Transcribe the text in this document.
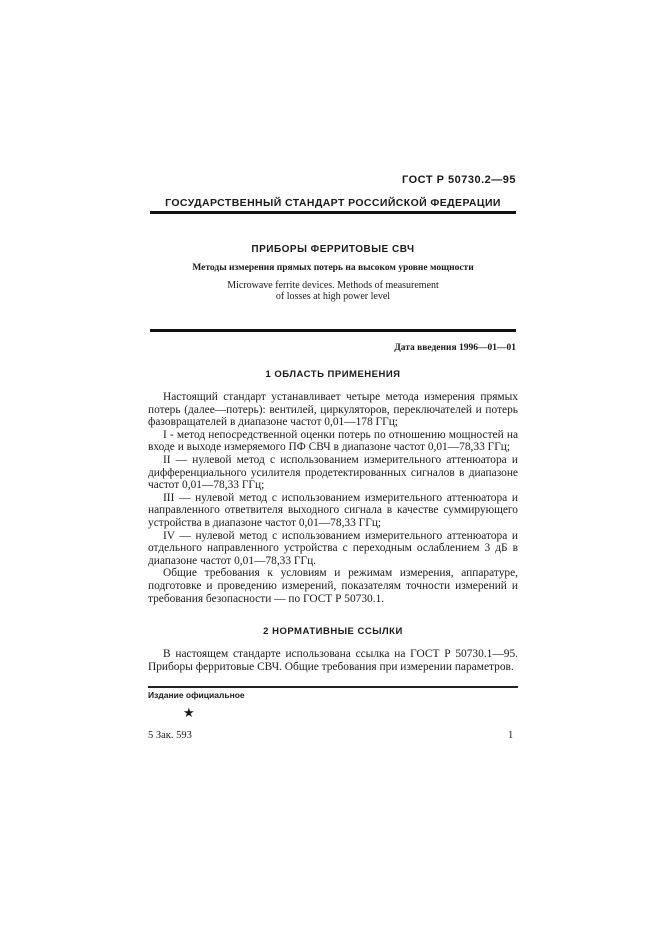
ГОСТ Р 50730.2—95
ГОСУДАРСТВЕННЫЙ СТАНДАРТ РОССИЙСКОЙ ФЕДЕРАЦИИ
ПРИБОРЫ ФЕРРИТОВЫЕ СВЧ
Методы измерения прямых потерь на высоком уровне мощности
Microwave ferrite devices. Methods of measurement
of losses at high power level
Дата введения 1996—01—01
1 ОБЛАСТЬ ПРИМЕНЕНИЯ

Настоящий стандарт устанавливает четыре метода измерения прямых потерь (далее—потерь): вентилей, циркуляторов, переключателей и потерь фазовращателей в диапазоне частот 0,01—178 ГГц;

I - метод непосредственной оценки потерь по отношению мощностей на входе и выходе измеряемого ПФ СВЧ в диапазоне частот 0,01—78,33 ГГц;

II — нулевой метод с использованием измерительного аттенюатора и дифференциального усилителя продетектированных сигналов в диапазоне частот 0,01—78,33 ГГц;

III — нулевой метод с использованием измерительного аттенюатора и направленного ответвителя выходного сигнала в качестве суммирующего устройства в диапазоне частот 0,01—78,33 ГГц;

IV — нулевой метод с использованием измерительного аттенюатора и отдельного направленного устройства с переходным ослаблением 3 дБ в диапазоне частот 0,01—78,33 ГГц.

Общие требования к условиям и режимам измерения, аппаратуре, подготовке и проведению измерений, показателям точности измерений и требования безопасности — по ГОСТ Р 50730.1.

2 НОРМАТИВНЫЕ ССЫЛКИ

В настоящем стандарте использована ссылка на ГОСТ Р 50730.1—95. Приборы ферритовые СВЧ. Общие требования при измерении параметров.

Издание официальное
★
5 Зак. 593	1
